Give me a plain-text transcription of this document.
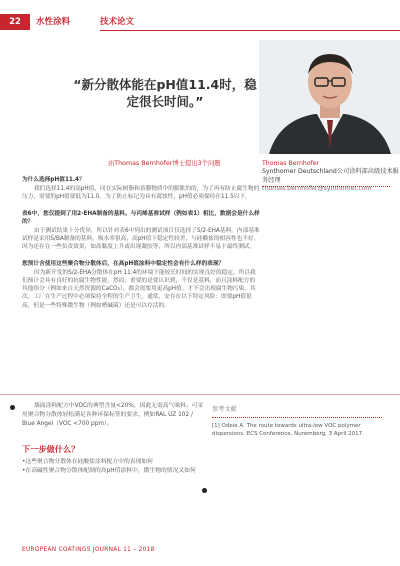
22	水性涂料	技术论文
“新分散体能在pH值11.4时，稳定很长时间。”
Thomas Bernhofer
Synthomer Deutschland公司涂料部高级技术服务经理
thomas.bernhofer@synthomer.com
由Thomas Bernhofer博士提出3个问题

为什么选择pH值11.4？

我们选择11.4的高pH值，同在实际树脂和着膜物质中的膨胀的的，为了再有防止腐生物的压力，需要的pH值要低为11.0。为了防止标记为具有腐蚀性，pH值必须保持在11.5以下。

表6中，您仅提到了用2-EHA制备的基料。与丙烯基准试样（例如表1）相比，数据会是什么样的？

由于测试结果十分优异，所以针对表6中列出的测试项目仅选择了S/2-EHA基料。内部基准试样是采用S/BA制备的基料，吸水率很高，高pH值下稳定性较差，与硅酸盐的相容性也不好，因为还存在一些负责效果，如高黏度上升或出现凝胶等，所以内部基准试样不易于最终测试。

您预计含使用这些聚合物分散体后，在高pH值涂料中稳定性会有什么样的表现？

因为新开发的S/2-EHA分散体在pH 11.4的环境下能较长时间的实现良好的稳定，所以我们预计会具有良好的抗腐生物性能，然而，重要的是要认识到，不仅是基料，而且涂料配方的其他组分（例如来自天然资源的CaCO₃），都会需要用更高pH值。才不会出现腐生物污染。其次，工厂在生产过程中必须保持全程的生产卫生，通常，安存在以下特定风险：即要pH值很高，但是一些特殊微生物（例如嗜碱菌）还是可以存活的。

墙面涂料配方中VOC的典型含量<20%，因此无需高气味料。可采用聚合物分散体轻松满足各种环保标签的要求，例如RAL UZ 102 / Blue Angel（VOC <700 ppm）。

下一步做什么？
•这些聚合物分散体在硅酸盐涂料配方中的表现如何
•在高碱性聚合物分散体配制的高pH值涂料中，微生物的情况又如何
参考文献
[1] Odeie A. The route towards ultra-low VOC polymer dispersions. ECS Conference, Nuremberg, 3 April 2017.
EUROPEAN COATINGS JOURNAL 11 – 2018
